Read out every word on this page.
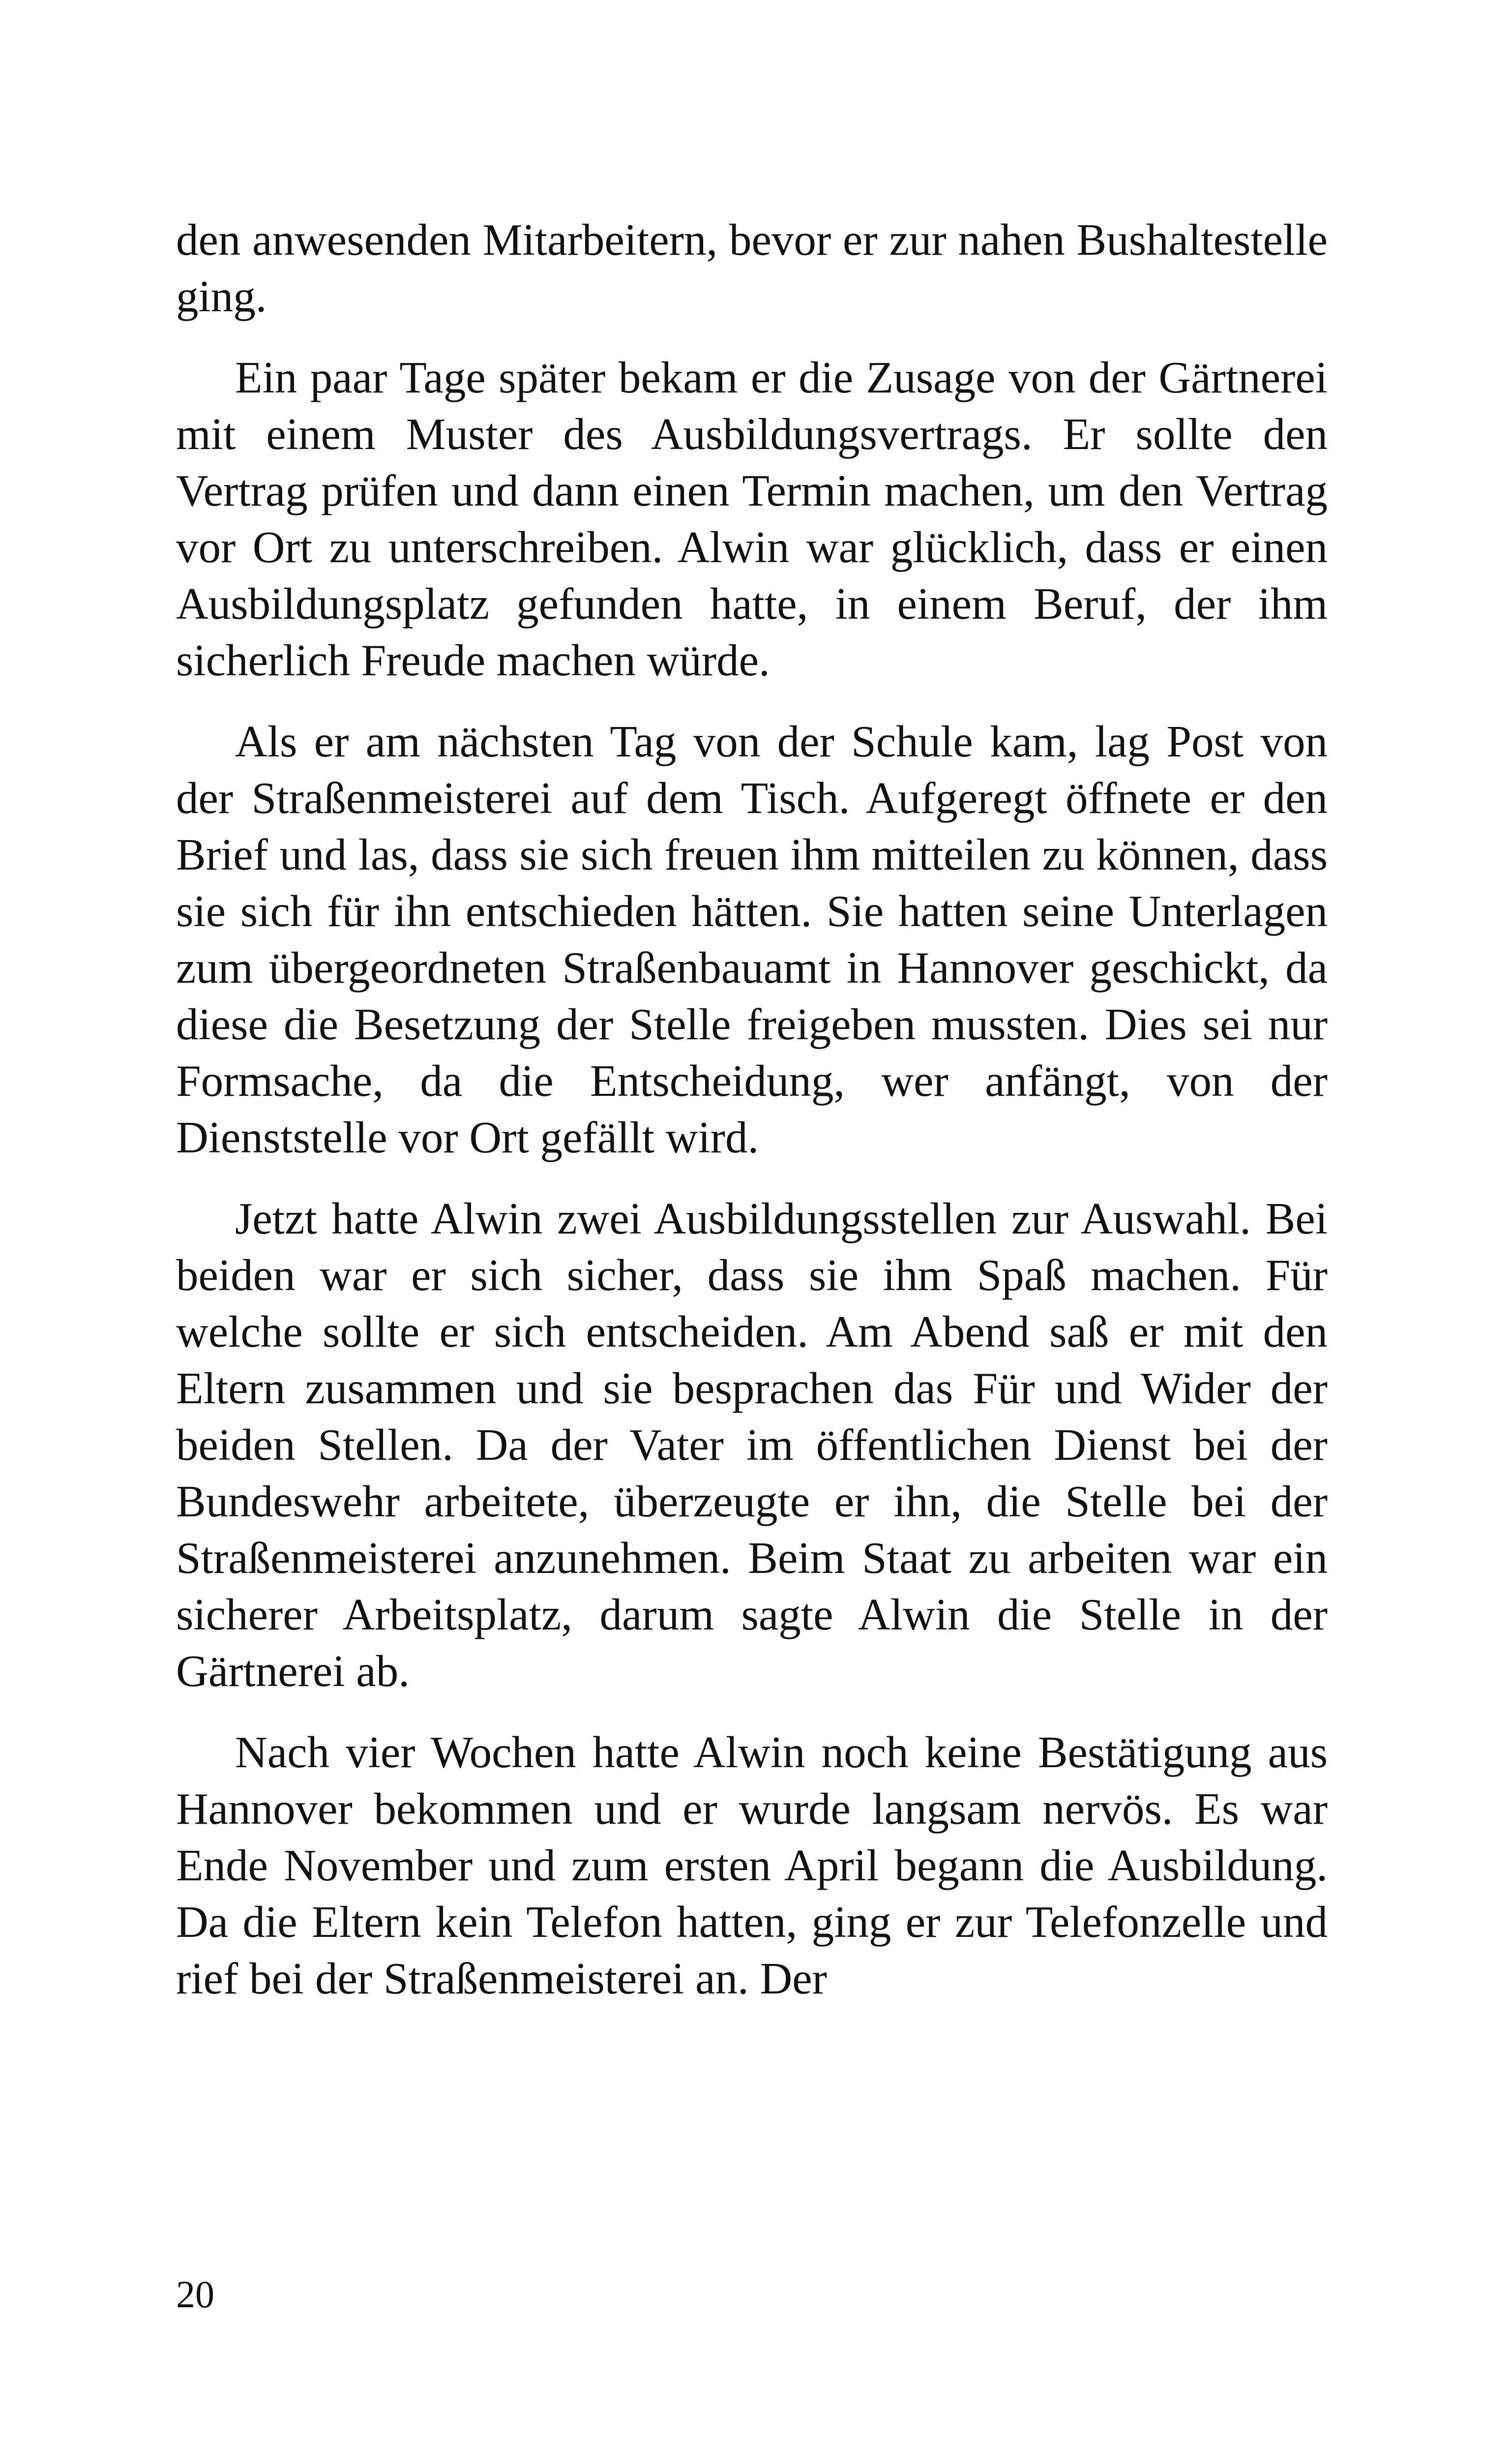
den anwesenden Mitarbeitern, bevor er zur nahen Bushaltestelle ging.

Ein paar Tage später bekam er die Zusage von der Gärtnerei mit einem Muster des Ausbildungsvertrags. Er sollte den Vertrag prüfen und dann einen Termin machen, um den Vertrag vor Ort zu unterschreiben. Alwin war glücklich, dass er einen Ausbildungsplatz gefunden hatte, in einem Beruf, der ihm sicherlich Freude machen würde.

Als er am nächsten Tag von der Schule kam, lag Post von der Straßenmeisterei auf dem Tisch. Aufgeregt öffnete er den Brief und las, dass sie sich freuen ihm mitteilen zu können, dass sie sich für ihn entschieden hätten. Sie hatten seine Unterlagen zum übergeordneten Straßenbauamt in Hannover geschickt, da diese die Besetzung der Stelle freigeben mussten. Dies sei nur Formsache, da die Entscheidung, wer anfängt, von der Dienststelle vor Ort gefällt wird.

Jetzt hatte Alwin zwei Ausbildungsstellen zur Auswahl. Bei beiden war er sich sicher, dass sie ihm Spaß machen. Für welche sollte er sich entscheiden. Am Abend saß er mit den Eltern zusammen und sie besprachen das Für und Wider der beiden Stellen. Da der Vater im öffentlichen Dienst bei der Bundeswehr arbeitete, überzeugte er ihn, die Stelle bei der Straßenmeisterei anzunehmen. Beim Staat zu arbeiten war ein sicherer Arbeitsplatz, darum sagte Alwin die Stelle in der Gärtnerei ab.

Nach vier Wochen hatte Alwin noch keine Bestätigung aus Hannover bekommen und er wurde langsam nervös. Es war Ende November und zum ersten April begann die Ausbildung. Da die Eltern kein Telefon hatten, ging er zur Telefonzelle und rief bei der Straßenmeisterei an. Der

20
